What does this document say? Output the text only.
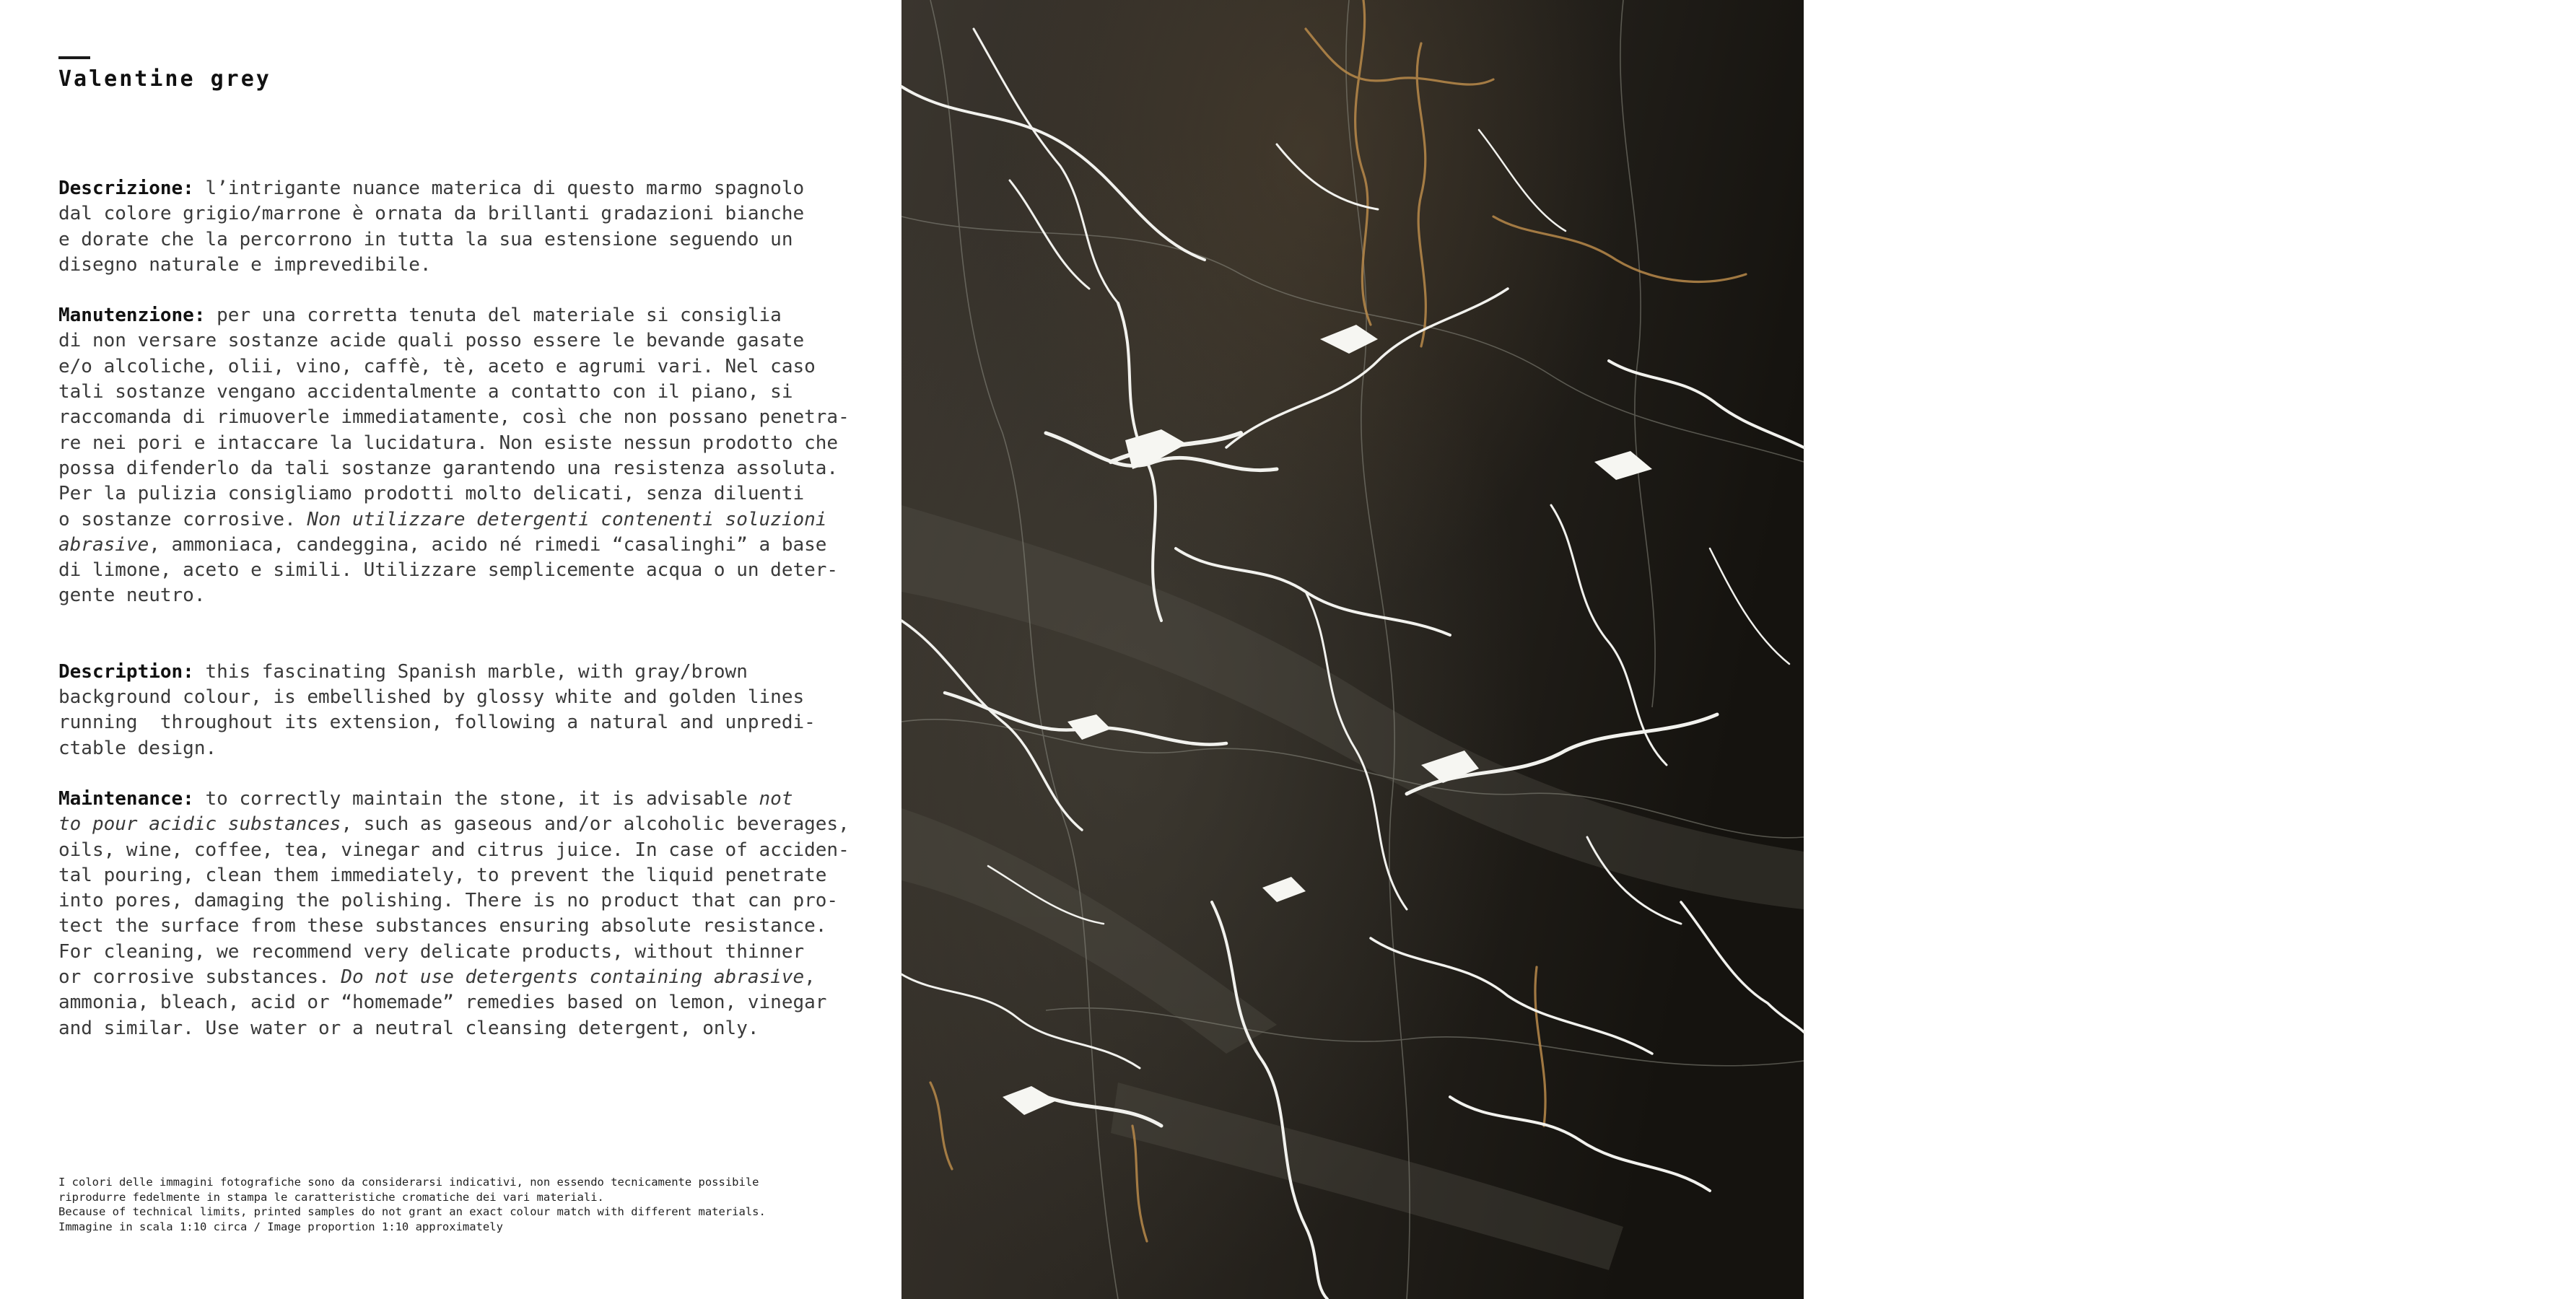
Valentine grey

Descrizione: l’intrigante nuance materica di questo marmo spagnolo
dal colore grigio/marrone è ornata da brillanti gradazioni bianche
e dorate che la percorrono in tutta la sua estensione seguendo un
disegno naturale e imprevedibile.

Manutenzione: per una corretta tenuta del materiale si consiglia
di non versare sostanze acide quali posso essere le bevande gasate
e/o alcoliche, olii, vino, caffè, tè, aceto e agrumi vari. Nel caso
tali sostanze vengano accidentalmente a contatto con il piano, si
raccomanda di rimuoverle immediatamente, così che non possano penetra-
re nei pori e intaccare la lucidatura. Non esiste nessun prodotto che
possa difenderlo da tali sostanze garantendo una resistenza assoluta.
Per la pulizia consigliamo prodotti molto delicati, senza diluenti
o sostanze corrosive. Non utilizzare detergenti contenenti soluzioni
abrasive, ammoniaca, candeggina, acido né rimedi “casalinghi” a base
di limone, aceto e simili. Utilizzare semplicemente acqua o un deter-
gente neutro.

Description: this fascinating Spanish marble, with gray/brown
background colour, is embellished by glossy white and golden lines
running  throughout its extension, following a natural and unpredi-
ctable design.

Maintenance: to correctly maintain the stone, it is advisable not
to pour acidic substances, such as gaseous and/or alcoholic beverages,
oils, wine, coffee, tea, vinegar and citrus juice. In case of acciden-
tal pouring, clean them immediately, to prevent the liquid penetrate
into pores, damaging the polishing. There is no product that can pro-
tect the surface from these substances ensuring absolute resistance.
For cleaning, we recommend very delicate products, without thinner
or corrosive substances. Do not use detergents containing abrasive,
ammonia, bleach, acid or “homemade” remedies based on lemon, vinegar
and similar. Use water or a neutral cleansing detergent, only.

I colori delle immagini fotografiche sono da considerarsi indicativi, non essendo tecnicamente possibile
riprodurre fedelmente in stampa le caratteristiche cromatiche dei vari materiali.

Because of technical limits, printed samples do not grant an exact colour match with different materials.

Immagine in scala 1:10 circa / Image proportion 1:10 approximately	Valentine grey
